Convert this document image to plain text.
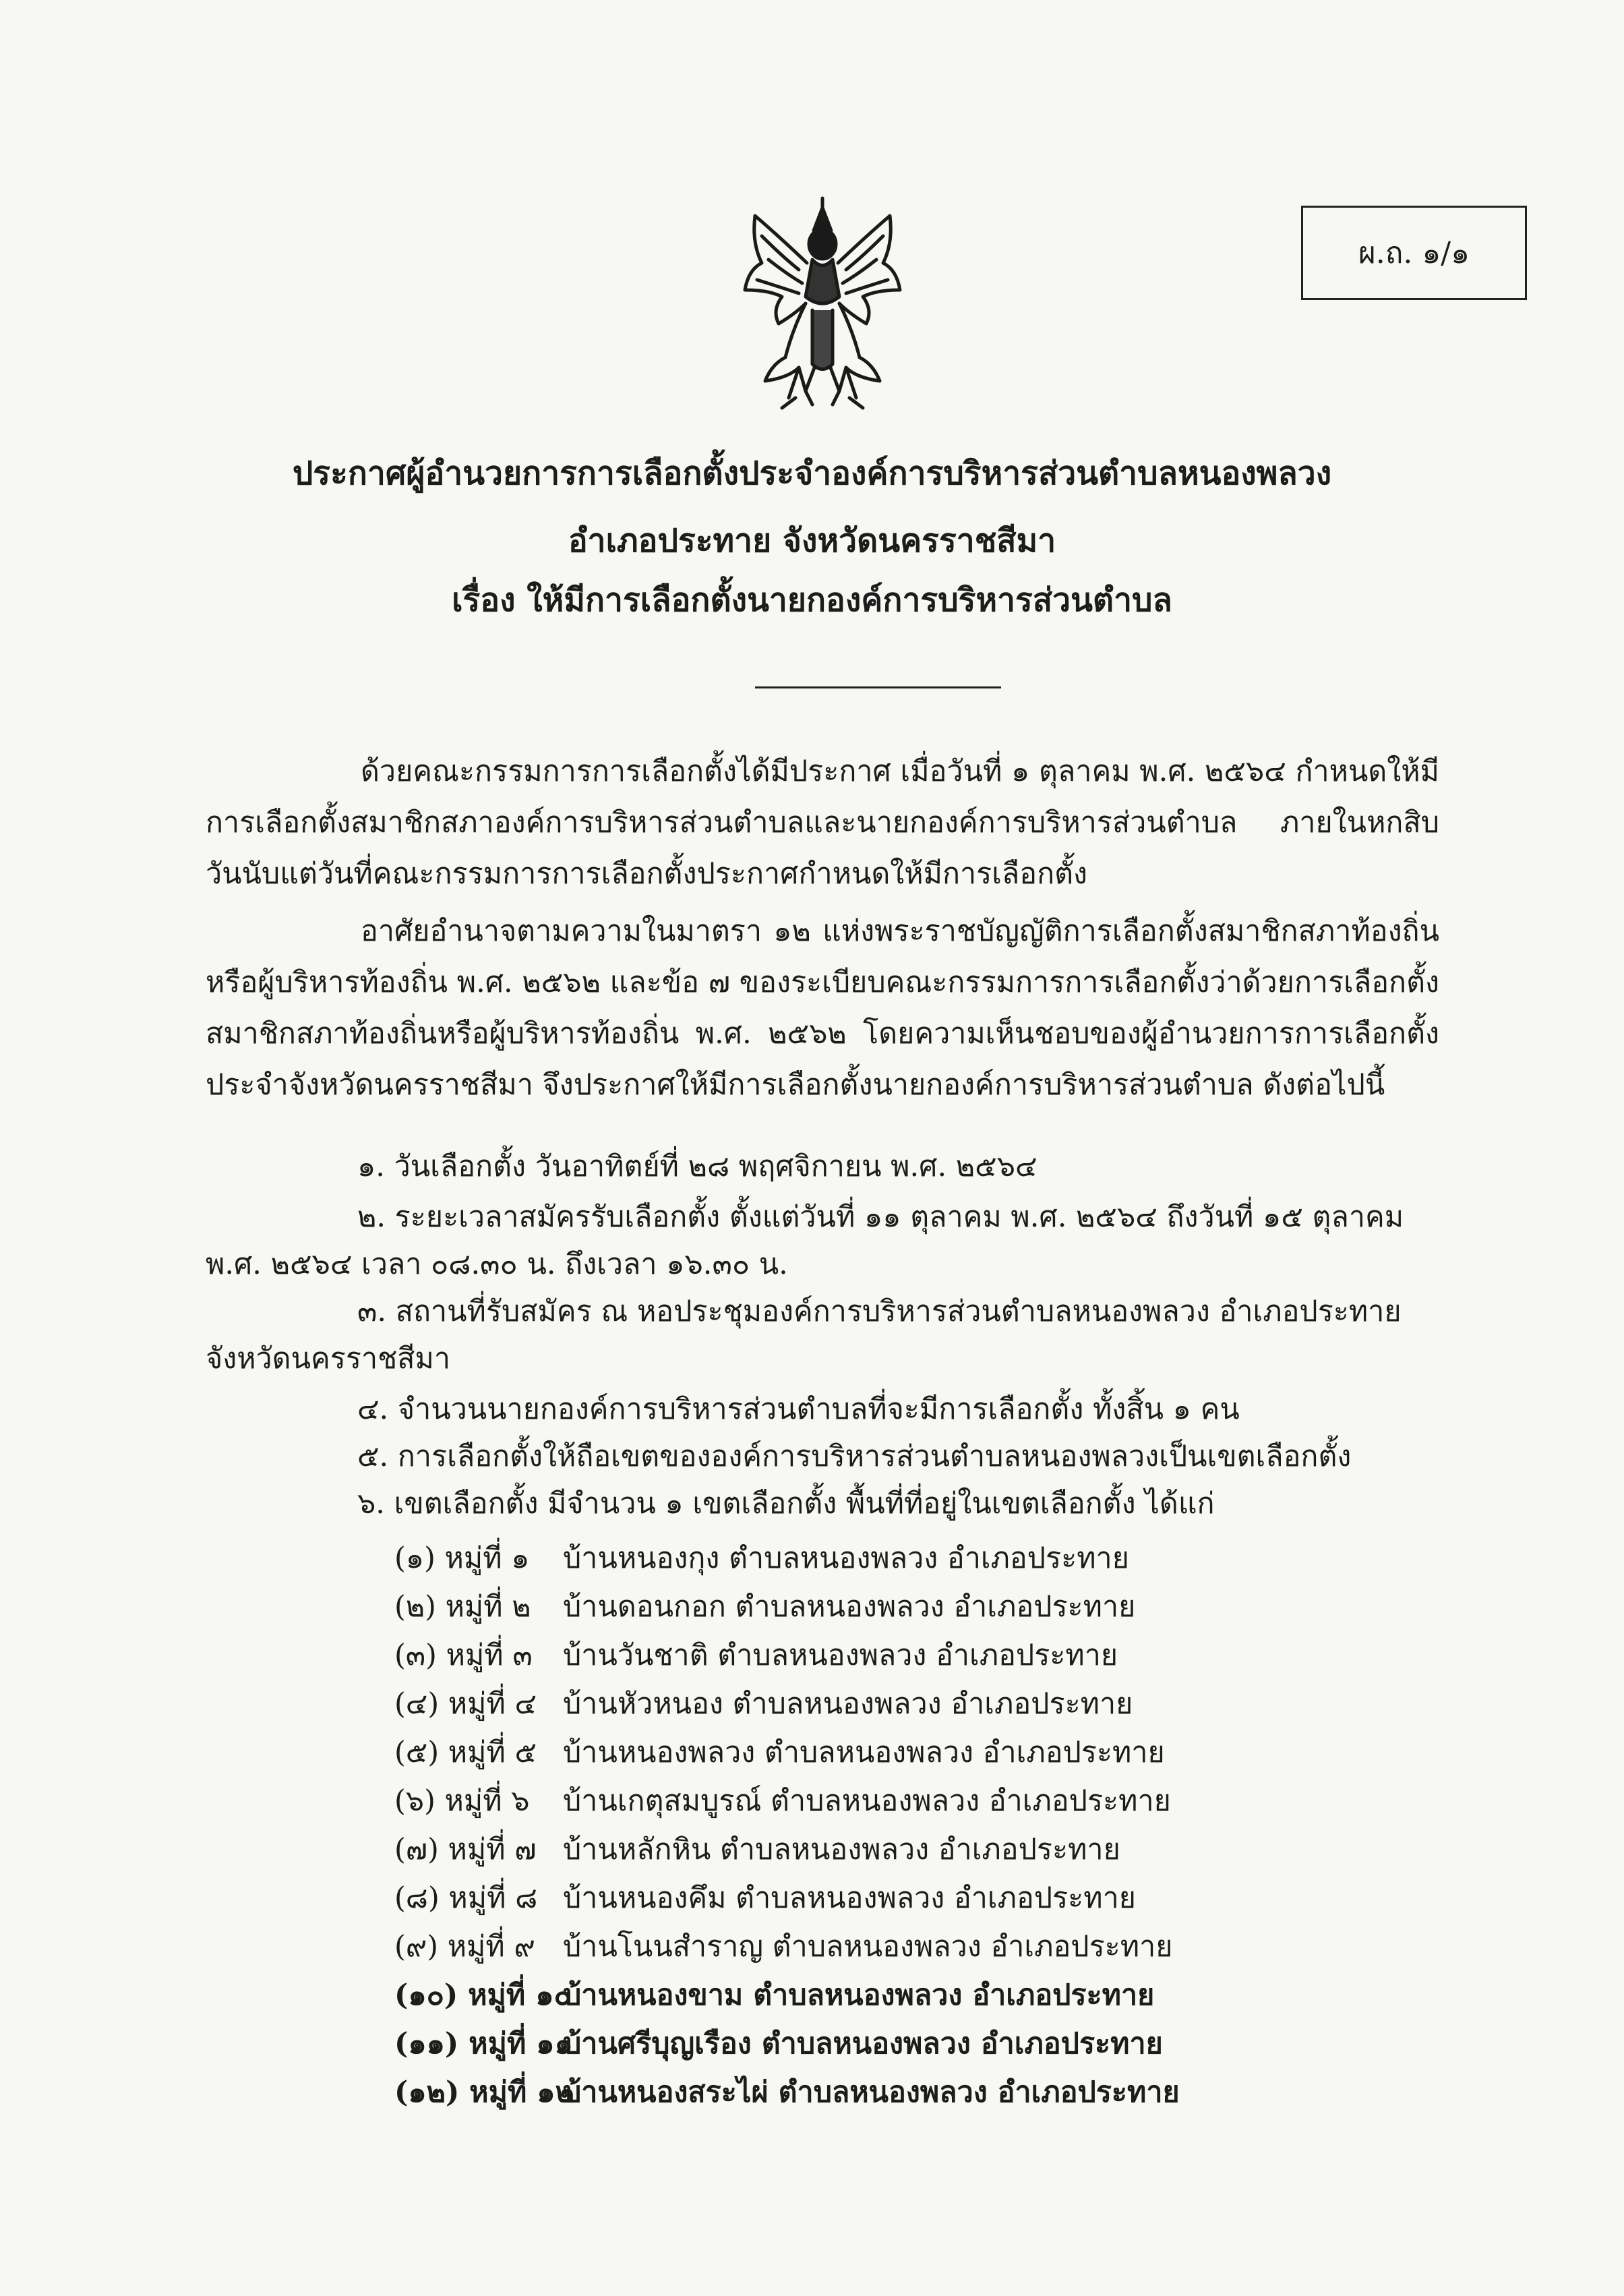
ผ.ถ. ๑/๑
ประกาศผู้อำนวยการการเลือกตั้งประจำองค์การบริหารส่วนตำบลหนองพลวง
อำเภอประทาย จังหวัดนครราชสีมา
เรื่อง ให้มีการเลือกตั้งนายกองค์การบริหารส่วนตำบล
ด้วยคณะกรรมการการเลือกตั้งได้มีประกาศ เมื่อวันที่ ๑ ตุลาคม พ.ศ. ๒๕๖๔ กำหนดให้มีการเลือกตั้งสมาชิกสภาองค์การบริหารส่วนตำบลและนายกองค์การบริหารส่วนตำบล ภายในหกสิบวันนับแต่วันที่คณะกรรมการการเลือกตั้งประกาศกำหนดให้มีการเลือกตั้ง
อาศัยอำนาจตามความในมาตรา ๑๒ แห่งพระราชบัญญัติการเลือกตั้งสมาชิกสภาท้องถิ่นหรือผู้บริหารท้องถิ่น พ.ศ. ๒๕๖๒ และข้อ ๗ ของระเบียบคณะกรรมการการเลือกตั้งว่าด้วยการเลือกตั้งสมาชิกสภาท้องถิ่นหรือผู้บริหารท้องถิ่น พ.ศ. ๒๕๖๒ โดยความเห็นชอบของผู้อำนวยการการเลือกตั้งประจำจังหวัดนครราชสีมา จึงประกาศให้มีการเลือกตั้งนายกองค์การบริหารส่วนตำบล ดังต่อไปนี้
๑. วันเลือกตั้ง วันอาทิตย์ที่ ๒๘ พฤศจิกายน พ.ศ. ๒๕๖๔
๒. ระยะเวลาสมัครรับเลือกตั้ง ตั้งแต่วันที่ ๑๑ ตุลาคม พ.ศ. ๒๕๖๔ ถึงวันที่ ๑๕ ตุลาคม
พ.ศ. ๒๕๖๔ เวลา ๐๘.๓๐ น. ถึงเวลา ๑๖.๓๐ น.
๓. สถานที่รับสมัคร ณ หอประชุมองค์การบริหารส่วนตำบลหนองพลวง อำเภอประทาย
จังหวัดนครราชสีมา
๔. จำนวนนายกองค์การบริหารส่วนตำบลที่จะมีการเลือกตั้ง ทั้งสิ้น ๑ คน
๕. การเลือกตั้งให้ถือเขตขององค์การบริหารส่วนตำบลหนองพลวงเป็นเขตเลือกตั้ง
๖. เขตเลือกตั้ง มีจำนวน ๑ เขตเลือกตั้ง พื้นที่ที่อยู่ในเขตเลือกตั้ง ได้แก่
(๑) หมู่ที่ ๑ บ้านหนองกุง ตำบลหนองพลวง อำเภอประทาย
(๒) หมู่ที่ ๒ บ้านดอนกอก ตำบลหนองพลวง อำเภอประทาย
(๓) หมู่ที่ ๓ บ้านวันชาติ ตำบลหนองพลวง อำเภอประทาย
(๔) หมู่ที่ ๔ บ้านหัวหนอง ตำบลหนองพลวง อำเภอประทาย
(๕) หมู่ที่ ๕ บ้านหนองพลวง ตำบลหนองพลวง อำเภอประทาย
(๖) หมู่ที่ ๖ บ้านเกตุสมบูรณ์ ตำบลหนองพลวง อำเภอประทาย
(๗) หมู่ที่ ๗ บ้านหลักหิน ตำบลหนองพลวง อำเภอประทาย
(๘) หมู่ที่ ๘ บ้านหนองคึม ตำบลหนองพลวง อำเภอประทาย
(๙) หมู่ที่ ๙ บ้านโนนสำราญ ตำบลหนองพลวง อำเภอประทาย
(๑๐) หมู่ที่ ๑๐บ้านหนองขาม ตำบลหนองพลวง อำเภอประทาย
(๑๑) หมู่ที่ ๑๑บ้านศรีบุญเรือง ตำบลหนองพลวง อำเภอประทาย
(๑๒) หมู่ที่ ๑๒บ้านหนองสระไผ่ ตำบลหนองพลวง อำเภอประทาย
